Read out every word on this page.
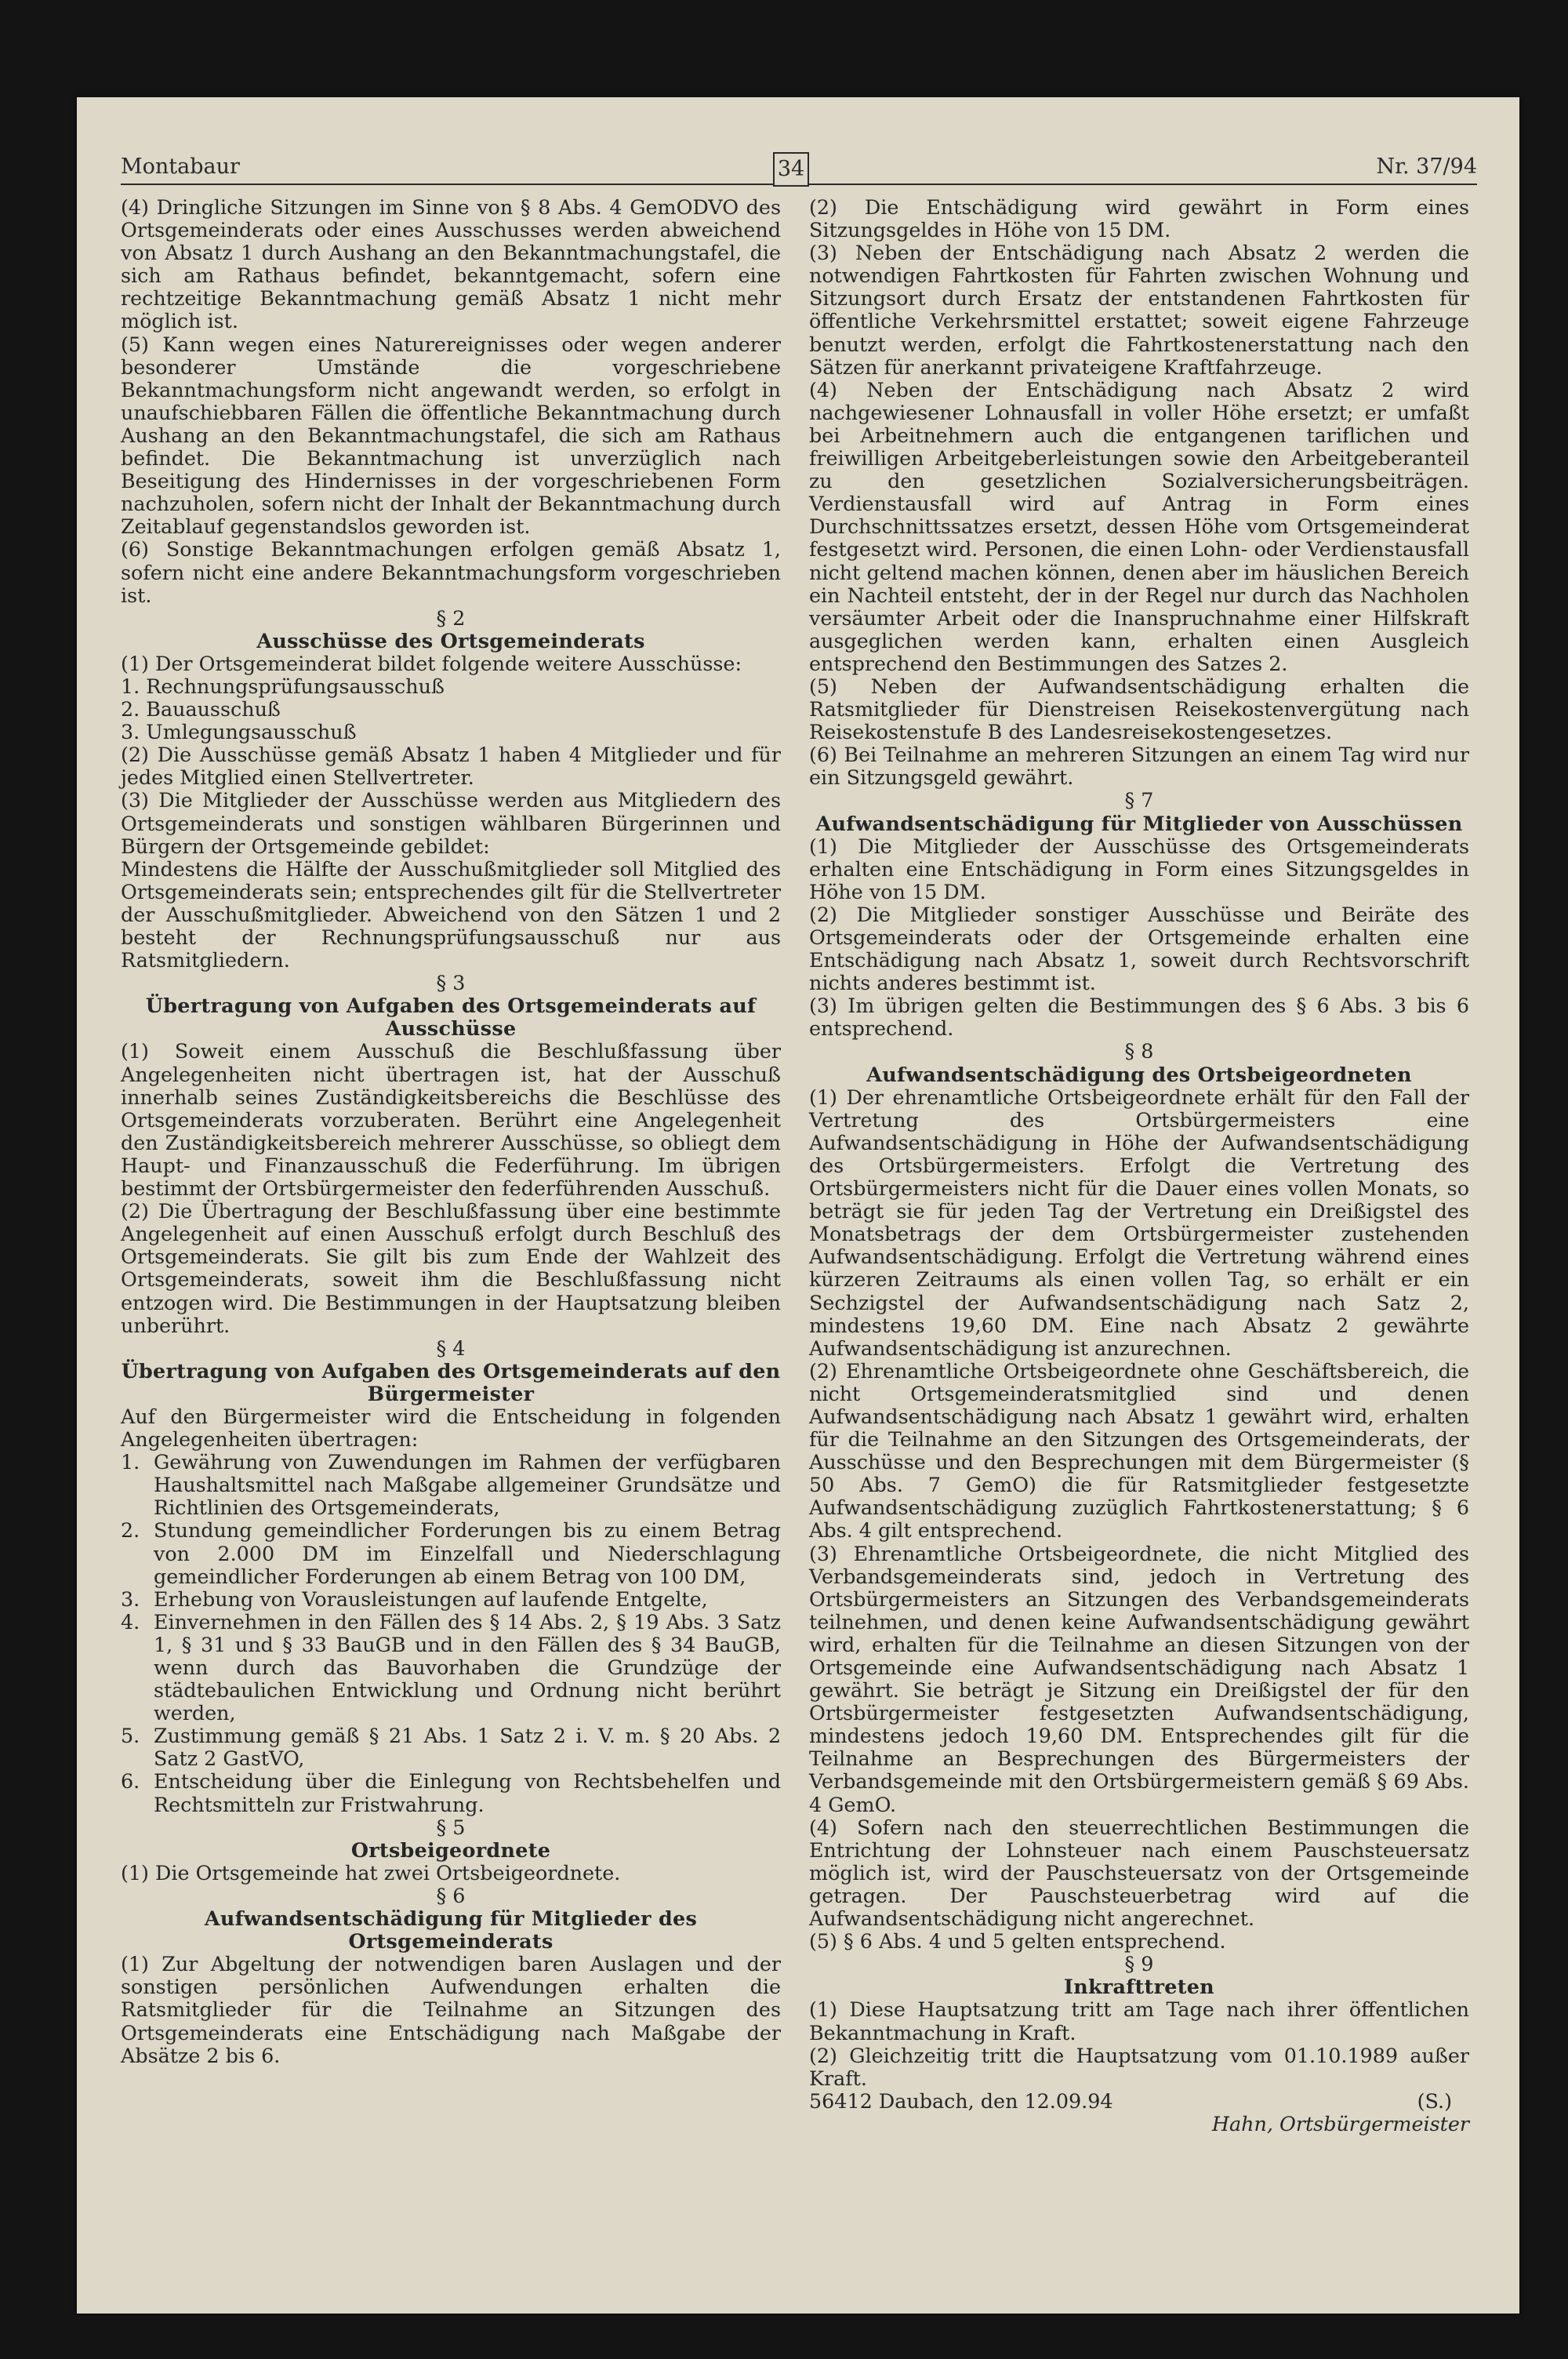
Montabaur	34	Nr. 37/94

(4) Dringliche Sitzungen im Sinne von § 8 Abs. 4 GemODVO des Ortsgemeinderats oder eines Ausschusses werden abweichend von Absatz 1 durch Aushang an den Bekanntmachungstafel, die sich am Rathaus befindet, bekanntgemacht, sofern eine rechtzeitige Bekanntmachung gemäß Absatz 1 nicht mehr möglich ist.

(5) Kann wegen eines Naturereignisses oder wegen anderer besonderer Umstände die vorgeschriebene Bekanntmachungsform nicht angewandt werden, so erfolgt in unaufschiebbaren Fällen die öffentliche Bekanntmachung durch Aushang an den Bekanntmachungstafel, die sich am Rathaus befindet. Die Bekanntmachung ist unverzüglich nach Beseitigung des Hindernisses in der vorgeschriebenen Form nachzuholen, sofern nicht der Inhalt der Bekanntmachung durch Zeitablauf gegenstandslos geworden ist.

(6) Sonstige Bekanntmachungen erfolgen gemäß Absatz 1, sofern nicht eine andere Bekanntmachungsform vorgeschrieben ist.

§ 2

Ausschüsse des Ortsgemeinderats

(1) Der Ortsgemeinderat bildet folgende weitere Ausschüsse:

1. Rechnungsprüfungsausschuß

2. Bauausschuß

3. Umlegungsausschuß

(2) Die Ausschüsse gemäß Absatz 1 haben 4 Mitglieder und für jedes Mitglied einen Stellvertreter.

(3) Die Mitglieder der Ausschüsse werden aus Mitgliedern des Ortsgemeinderats und sonstigen wählbaren Bürgerinnen und Bürgern der Ortsgemeinde gebildet:

Mindestens die Hälfte der Ausschußmitglieder soll Mitglied des Ortsgemeinderats sein; entsprechendes gilt für die Stellvertreter der Ausschußmitglieder. Abweichend von den Sätzen 1 und 2 besteht der Rechnungsprüfungsausschuß nur aus Ratsmitgliedern.

§ 3

Übertragung von Aufgaben des Ortsgemeinderats auf Ausschüsse

(1) Soweit einem Ausschuß die Beschlußfassung über Angelegenheiten nicht übertragen ist, hat der Ausschuß innerhalb seines Zuständigkeitsbereichs die Beschlüsse des Ortsgemeinderats vorzuberaten. Berührt eine Angelegenheit den Zuständigkeitsbereich mehrerer Ausschüsse, so obliegt dem Haupt- und Finanzausschuß die Federführung. Im übrigen bestimmt der Ortsbürgermeister den federführenden Ausschuß.

(2) Die Übertragung der Beschlußfassung über eine bestimmte Angelegenheit auf einen Ausschuß erfolgt durch Beschluß des Ortsgemeinderats. Sie gilt bis zum Ende der Wahlzeit des Ortsgemeinderats, soweit ihm die Beschlußfassung nicht entzogen wird. Die Bestimmungen in der Hauptsatzung bleiben unberührt.

§ 4

Übertragung von Aufgaben des Ortsgemeinderats auf den Bürgermeister

Auf den Bürgermeister wird die Entscheidung in folgenden Angelegenheiten übertragen:

1. Gewährung von Zuwendungen im Rahmen der verfügbaren Haushaltsmittel nach Maßgabe allgemeiner Grundsätze und Richtlinien des Ortsgemeinderats,
2. Stundung gemeindlicher Forderungen bis zu einem Betrag von 2.000 DM im Einzelfall und Niederschlagung gemeindlicher Forderungen ab einem Betrag von 100 DM,
3. Erhebung von Vorausleistungen auf laufende Entgelte,
4. Einvernehmen in den Fällen des § 14 Abs. 2, § 19 Abs. 3 Satz 1, § 31 und § 33 BauGB und in den Fällen des § 34 BauGB, wenn durch das Bauvorhaben die Grundzüge der städtebaulichen Entwicklung und Ordnung nicht berührt werden,
5. Zustimmung gemäß § 21 Abs. 1 Satz 2 i. V. m. § 20 Abs. 2 Satz 2 GastVO,
6. Entscheidung über die Einlegung von Rechtsbehelfen und Rechtsmitteln zur Fristwahrung.

§ 5

Ortsbeigeordnete

(1) Die Ortsgemeinde hat zwei Ortsbeigeordnete.

§ 6

Aufwandsentschädigung für Mitglieder des Ortsgemeinderats

(1) Zur Abgeltung der notwendigen baren Auslagen und der sonstigen persönlichen Aufwendungen erhalten die Ratsmitglieder für die Teilnahme an Sitzungen des Ortsgemeinderats eine Entschädigung nach Maßgabe der Absätze 2 bis 6.

(2) Die Entschädigung wird gewährt in Form eines Sitzungsgeldes in Höhe von 15 DM.

(3) Neben der Entschädigung nach Absatz 2 werden die notwendigen Fahrtkosten für Fahrten zwischen Wohnung und Sitzungsort durch Ersatz der entstandenen Fahrtkosten für öffentliche Verkehrsmittel erstattet; soweit eigene Fahrzeuge benutzt werden, erfolgt die Fahrtkostenerstattung nach den Sätzen für anerkannt privateigene Kraftfahrzeuge.

(4) Neben der Entschädigung nach Absatz 2 wird nachgewiesener Lohnausfall in voller Höhe ersetzt; er umfaßt bei Arbeitnehmern auch die entgangenen tariflichen und freiwilligen Arbeitgeberleistungen sowie den Arbeitgeberanteil zu den gesetzlichen Sozialversicherungsbeiträgen. Verdienstausfall wird auf Antrag in Form eines Durchschnittssatzes ersetzt, dessen Höhe vom Ortsgemeinderat festgesetzt wird. Personen, die einen Lohn- oder Verdienstausfall nicht geltend machen können, denen aber im häuslichen Bereich ein Nachteil entsteht, der in der Regel nur durch das Nachholen versäumter Arbeit oder die Inanspruchnahme einer Hilfskraft ausgeglichen werden kann, erhalten einen Ausgleich entsprechend den Bestimmungen des Satzes 2.

(5) Neben der Aufwandsentschädigung erhalten die Ratsmitglieder für Dienstreisen Reisekostenvergütung nach Reisekostenstufe B des Landesreisekostengesetzes.

(6) Bei Teilnahme an mehreren Sitzungen an einem Tag wird nur ein Sitzungsgeld gewährt.

§ 7

Aufwandsentschädigung für Mitglieder von Ausschüssen

(1) Die Mitglieder der Ausschüsse des Ortsgemeinderats erhalten eine Entschädigung in Form eines Sitzungsgeldes in Höhe von 15 DM.

(2) Die Mitglieder sonstiger Ausschüsse und Beiräte des Ortsgemeinderats oder der Ortsgemeinde erhalten eine Entschädigung nach Absatz 1, soweit durch Rechtsvorschrift nichts anderes bestimmt ist.

(3) Im übrigen gelten die Bestimmungen des § 6 Abs. 3 bis 6 entsprechend.

§ 8

Aufwandsentschädigung des Ortsbeigeordneten

(1) Der ehrenamtliche Ortsbeigeordnete erhält für den Fall der Vertretung des Ortsbürgermeisters eine Aufwandsentschädigung in Höhe der Aufwandsentschädigung des Ortsbürgermeisters. Erfolgt die Vertretung des Ortsbürgermeisters nicht für die Dauer eines vollen Monats, so beträgt sie für jeden Tag der Vertretung ein Dreißigstel des Monatsbetrags der dem Ortsbürgermeister zustehenden Aufwandsentschädigung. Erfolgt die Vertretung während eines kürzeren Zeitraums als einen vollen Tag, so erhält er ein Sechzigstel der Aufwandsentschädigung nach Satz 2, mindestens 19,60 DM. Eine nach Absatz 2 gewährte Aufwandsentschädigung ist anzurechnen.

(2) Ehrenamtliche Ortsbeigeordnete ohne Geschäftsbereich, die nicht Ortsgemeinderatsmitglied sind und denen Aufwandsentschädigung nach Absatz 1 gewährt wird, erhalten für die Teilnahme an den Sitzungen des Ortsgemeinderats, der Ausschüsse und den Besprechungen mit dem Bürgermeister (§ 50 Abs. 7 GemO) die für Ratsmitglieder festgesetzte Aufwandsentschädigung zuzüglich Fahrtkostenerstattung; § 6 Abs. 4 gilt entsprechend.

(3) Ehrenamtliche Ortsbeigeordnete, die nicht Mitglied des Verbandsgemeinderats sind, jedoch in Vertretung des Ortsbürgermeisters an Sitzungen des Verbandsgemeinderats teilnehmen, und denen keine Aufwandsentschädigung gewährt wird, erhalten für die Teilnahme an diesen Sitzungen von der Ortsgemeinde eine Aufwandsentschädigung nach Absatz 1 gewährt. Sie beträgt je Sitzung ein Dreißigstel der für den Ortsbürgermeister festgesetzten Aufwandsentschädigung, mindestens jedoch 19,60 DM. Entsprechendes gilt für die Teilnahme an Besprechungen des Bürgermeisters der Verbandsgemeinde mit den Ortsbürgermeistern gemäß § 69 Abs. 4 GemO.

(4) Sofern nach den steuerrechtlichen Bestimmungen die Entrichtung der Lohnsteuer nach einem Pauschsteuersatz möglich ist, wird der Pauschsteuersatz von der Ortsgemeinde getragen. Der Pauschsteuerbetrag wird auf die Aufwandsentschädigung nicht angerechnet.

(5) § 6 Abs. 4 und 5 gelten entsprechend.

§ 9

Inkrafttreten

(1) Diese Hauptsatzung tritt am Tage nach ihrer öffentlichen Bekanntmachung in Kraft.

(2) Gleichzeitig tritt die Hauptsatzung vom 01.10.1989 außer Kraft.

56412 Daubach, den 12.09.94	(S.)

Hahn, Ortsbürgermeister
